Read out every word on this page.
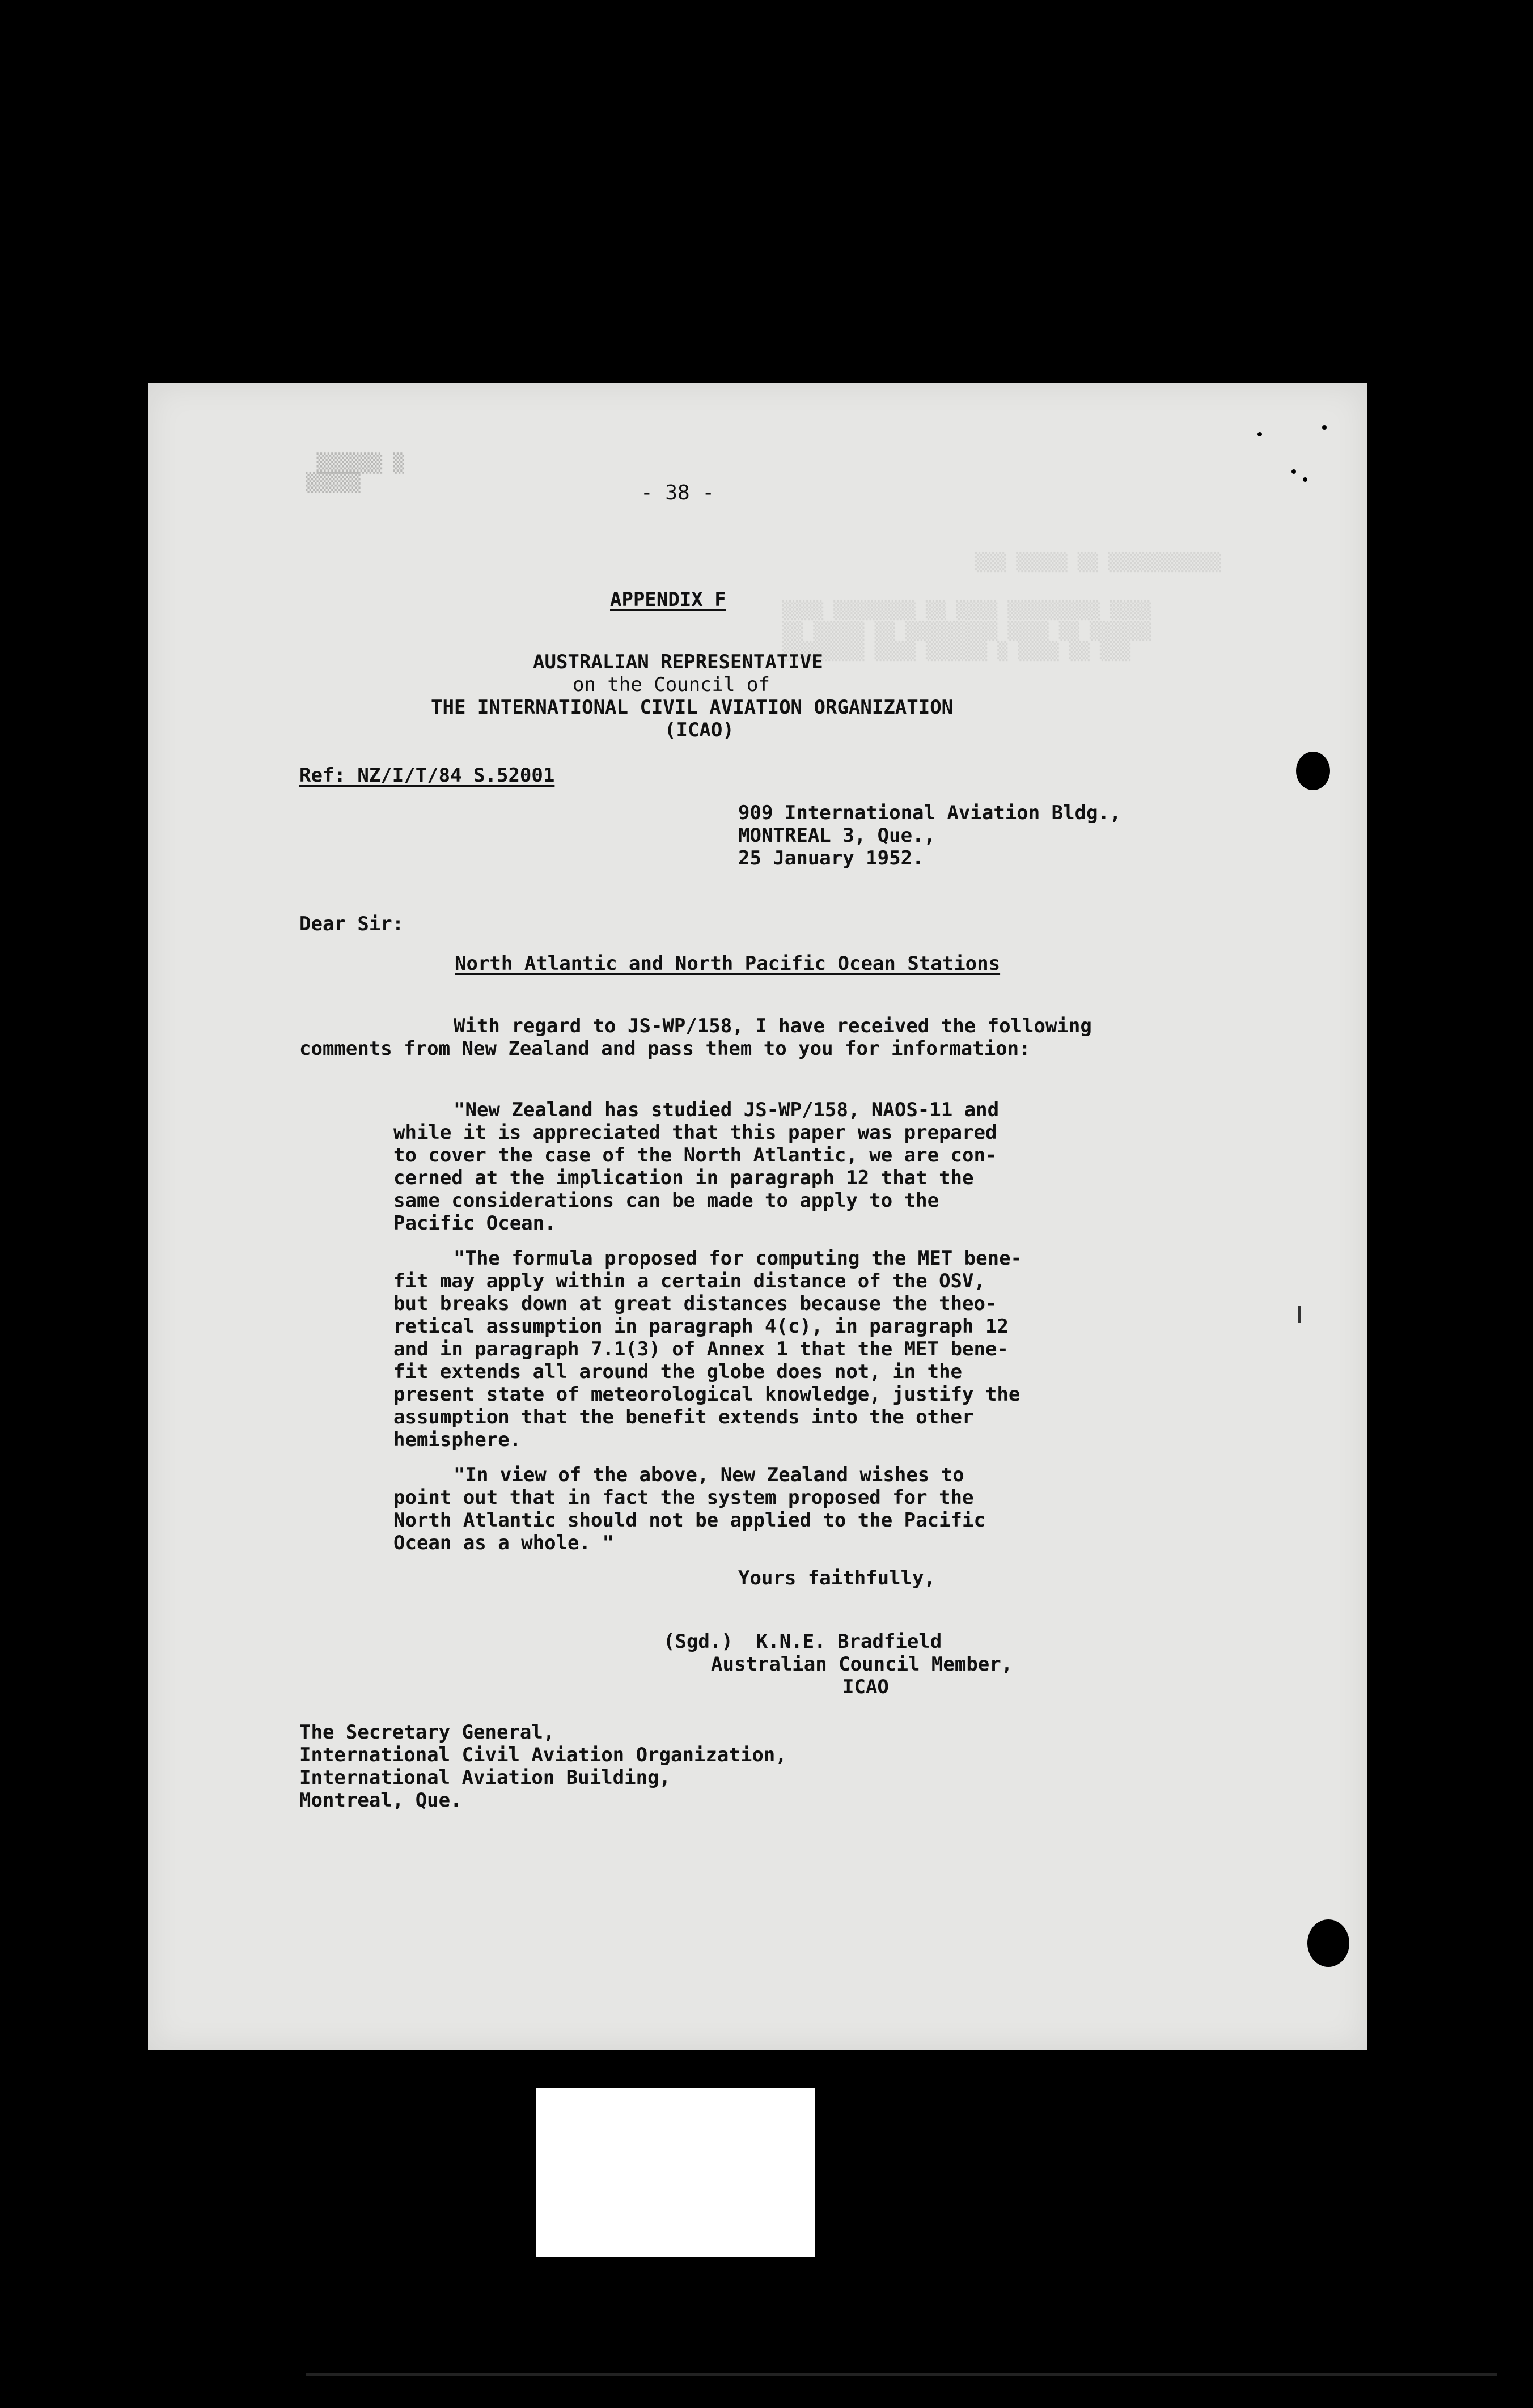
▒▒▒▒▒▒ ▒
▒▒▒▒▒
▒▒▒ ▒▒▒▒▒ ▒▒ ▒▒▒▒▒▒▒▒▒▒▒
▒▒▒▒ ▒▒▒▒▒▒▒▒ ▒▒ ▒▒▒▒ ▒▒▒▒▒▒▒▒▒ ▒▒▒▒
▒▒ ▒▒▒▒▒ ▒▒ ▒▒▒▒▒▒▒▒▒ ▒▒▒▒ ▒▒ ▒▒▒▒▒▒
▒▒▒▒▒▒▒▒ ▒▒▒▒ ▒▒▒▒▒▒ ▒ ▒▒▒▒ ▒▒ ▒▒▒
- 38 -
APPENDIX F
AUSTRALIAN REPRESENTATIVE
on the Council of
THE INTERNATIONAL CIVIL AVIATION ORGANIZATION
(ICAO)
Ref: NZ/I/T/84 S.52001
909 International Aviation Bldg.,
MONTREAL 3, Que.,
25 January 1952.
Dear Sir:
North Atlantic and North Pacific Ocean Stations
With regard to JS-WP/158, I have received the following
comments from New Zealand and pass them to you for information:
"New Zealand has studied JS-WP/158, NAOS-11 and
while it is appreciated that this paper was prepared
to cover the case of the North Atlantic, we are con-
cerned at the implication in paragraph 12 that the
same considerations can be made to apply to the
Pacific Ocean.
"The formula proposed for computing the MET bene-
fit may apply within a certain distance of the OSV,
but breaks down at great distances because the theo-
retical assumption in paragraph 4(c), in paragraph 12
and in paragraph 7.1(3) of Annex 1 that the MET bene-
fit extends all around the globe does not, in the
present state of meteorological knowledge, justify the
assumption that the benefit extends into the other
hemisphere.
"In view of the above, New Zealand wishes to
point out that in fact the system proposed for the
North Atlantic should not be applied to the Pacific
Ocean as a whole. "
Yours faithfully,
(Sgd.)  K.N.E. Bradfield
Australian Council Member,
ICAO
The Secretary General,
International Civil Aviation Organization,
International Aviation Building,
Montreal, Que.
